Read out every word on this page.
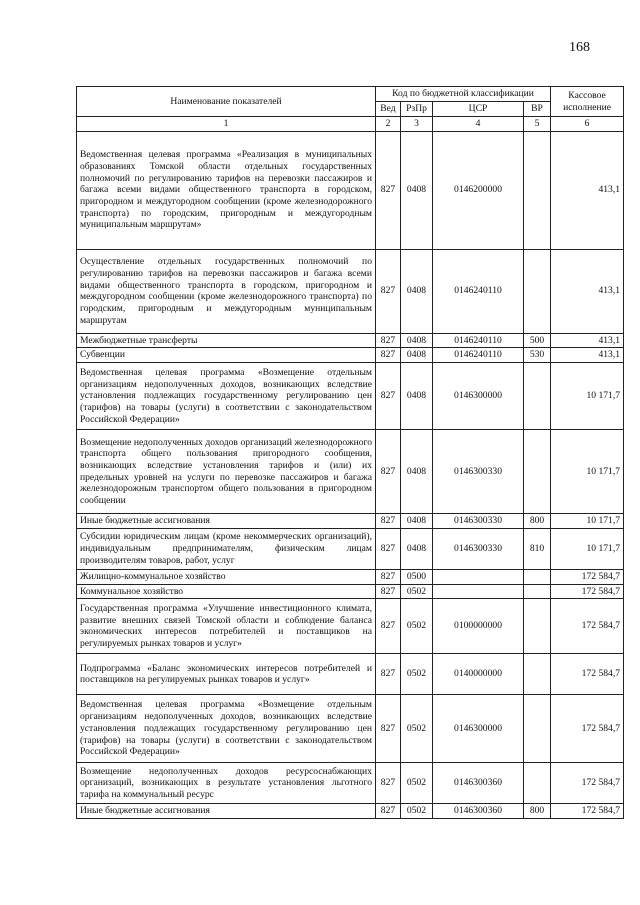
168
Наименование показателей	Код по бюджетной классификации				Кассовое исполнение
	Вед	РзПр	ЦСР	ВР	
1	2	3	4	5	6
Ведомственная целевая программа «Реализация в муниципальных образованиях Томской области отдельных государственных полномочий по регулированию тарифов на перевозки пассажиров и багажа всеми видами общественного транспорта в городском, пригородном и междугородном сообщении (кроме железнодорожного транспорта) по городским, пригородным и междугородным муниципальным маршрутам»	827	0408	0146200000		413,1
Осуществление отдельных государственных полномочий по регулированию тарифов на перевозки пассажиров и багажа всеми видами общественного транспорта в городском, пригородном и междугородном сообщении (кроме железнодорожного транспорта) по городским, пригородным и междугородным муниципальным маршрутам	827	0408	0146240110		413,1
Межбюджетные трансферты	827	0408	0146240110	500	413,1
Субвенции	827	0408	0146240110	530	413,1
Ведомственная целевая программа «Возмещение отдельным организациям недополученных доходов, возникающих вследствие установления подлежащих государственному регулированию цен (тарифов) на товары (услуги) в соответствии с законодательством Российской Федерации»	827	0408	0146300000		10 171,7
Возмещение недополученных доходов организаций железнодорожного транспорта общего пользования пригородного сообщения, возникающих вследствие установления тарифов и (или) их предельных уровней на услуги по перевозке пассажиров и багажа железнодорожным транспортом общего пользования в пригородном сообщении	827	0408	0146300330		10 171,7
Иные бюджетные ассигнования	827	0408	0146300330	800	10 171,7
Субсидии юридическим лицам (кроме некоммерческих организаций), индивидуальным предпринимателям, физическим лицам производителям товаров, работ, услуг	827	0408	0146300330	810	10 171,7
Жилищно-коммунальное хозяйство	827	0500			172 584,7
Коммунальное хозяйство	827	0502			172 584,7
Государственная программа «Улучшение инвестиционного климата, развитие внешних связей Томской области и соблюдение баланса экономических интересов потребителей и поставщиков на регулируемых рынках товаров и услуг»	827	0502	0100000000		172 584,7
Подпрограмма «Баланс экономических интересов потребителей и поставщиков на регулируемых рынках товаров и услуг»	827	0502	0140000000		172 584,7
Ведомственная целевая программа «Возмещение отдельным организациям недополученных доходов, возникающих вследствие установления подлежащих государственному регулированию цен (тарифов) на товары (услуги) в соответствии с законодательством Российской Федерации»	827	0502	0146300000		172 584,7
Возмещение недополученных доходов ресурсоснабжающих организаций, возникающих в результате установления льготного тарифа на коммунальный ресурс	827	0502	0146300360		172 584,7
Иные бюджетные ассигнования	827	0502	0146300360	800	172 584,7
